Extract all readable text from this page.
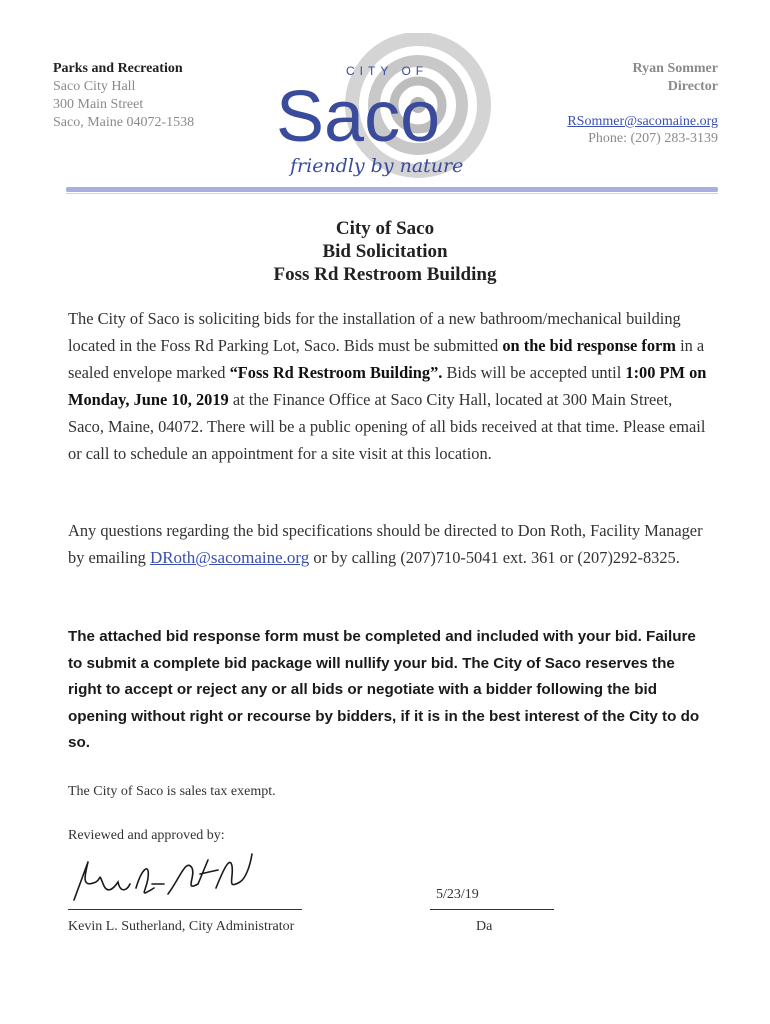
Parks and Recreation
Saco City Hall
300 Main Street
Saco, Maine 04072-1538
Ryan Sommer
Director
RSommer@sacomaine.org
Phone: (207) 283-3139
CITY OF
Saco
friendly by nature
City of Saco
Bid Solicitation
Foss Rd Restroom Building
The City of Saco is soliciting bids for the installation of a new bathroom/mechanical building located in the Foss Rd Parking Lot, Saco. Bids must be submitted on the bid response form in a sealed envelope marked “Foss Rd Restroom Building”. Bids will be accepted until 1:00 PM on Monday, June 10, 2019 at the Finance Office at Saco City Hall, located at 300 Main Street, Saco, Maine, 04072. There will be a public opening of all bids received at that time. Please email or call to schedule an appointment for a site visit at this location.
Any questions regarding the bid specifications should be directed to Don Roth, Facility Manager by emailing DRoth@sacomaine.org or by calling (207)710-5041 ext. 361 or (207)292-8325.
The attached bid response form must be completed and included with your bid. Failure to submit a complete bid package will nullify your bid. The City of Saco reserves the right to accept or reject any or all bids or negotiate with a bidder following the bid opening without right or recourse by bidders, if it is in the best interest of the City to do so.
The City of Saco is sales tax exempt.
Reviewed and approved by:
Kevin L. Sutherland, City Administrator
5/23/19
Da
